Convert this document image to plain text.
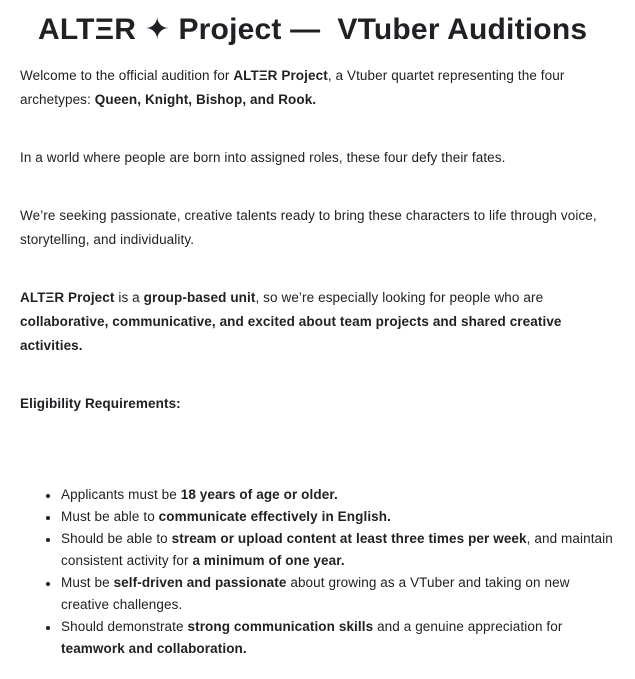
ALTΞR ✦ Project —  VTuber Auditions

Welcome to the official audition for ALTΞR Project, a Vtuber quartet representing the four archetypes: Queen, Knight, Bishop, and Rook.

In a world where people are born into assigned roles, these four defy their fates.

We’re seeking passionate, creative talents ready to bring these characters to life through voice, storytelling, and individuality.

ALTΞR Project is a group-based unit, so we’re especially looking for people who are collaborative, communicative, and excited about team projects and shared creative activities.

Eligibility Requirements:

• Applicants must be 18 years of age or older.
• Must be able to communicate effectively in English.
• Should be able to stream or upload content at least three times per week, and maintain consistent activity for a minimum of one year.
• Must be self-driven and passionate about growing as a VTuber and taking on new creative challenges.
• Should demonstrate strong communication skills and a genuine appreciation for teamwork and collaboration.
